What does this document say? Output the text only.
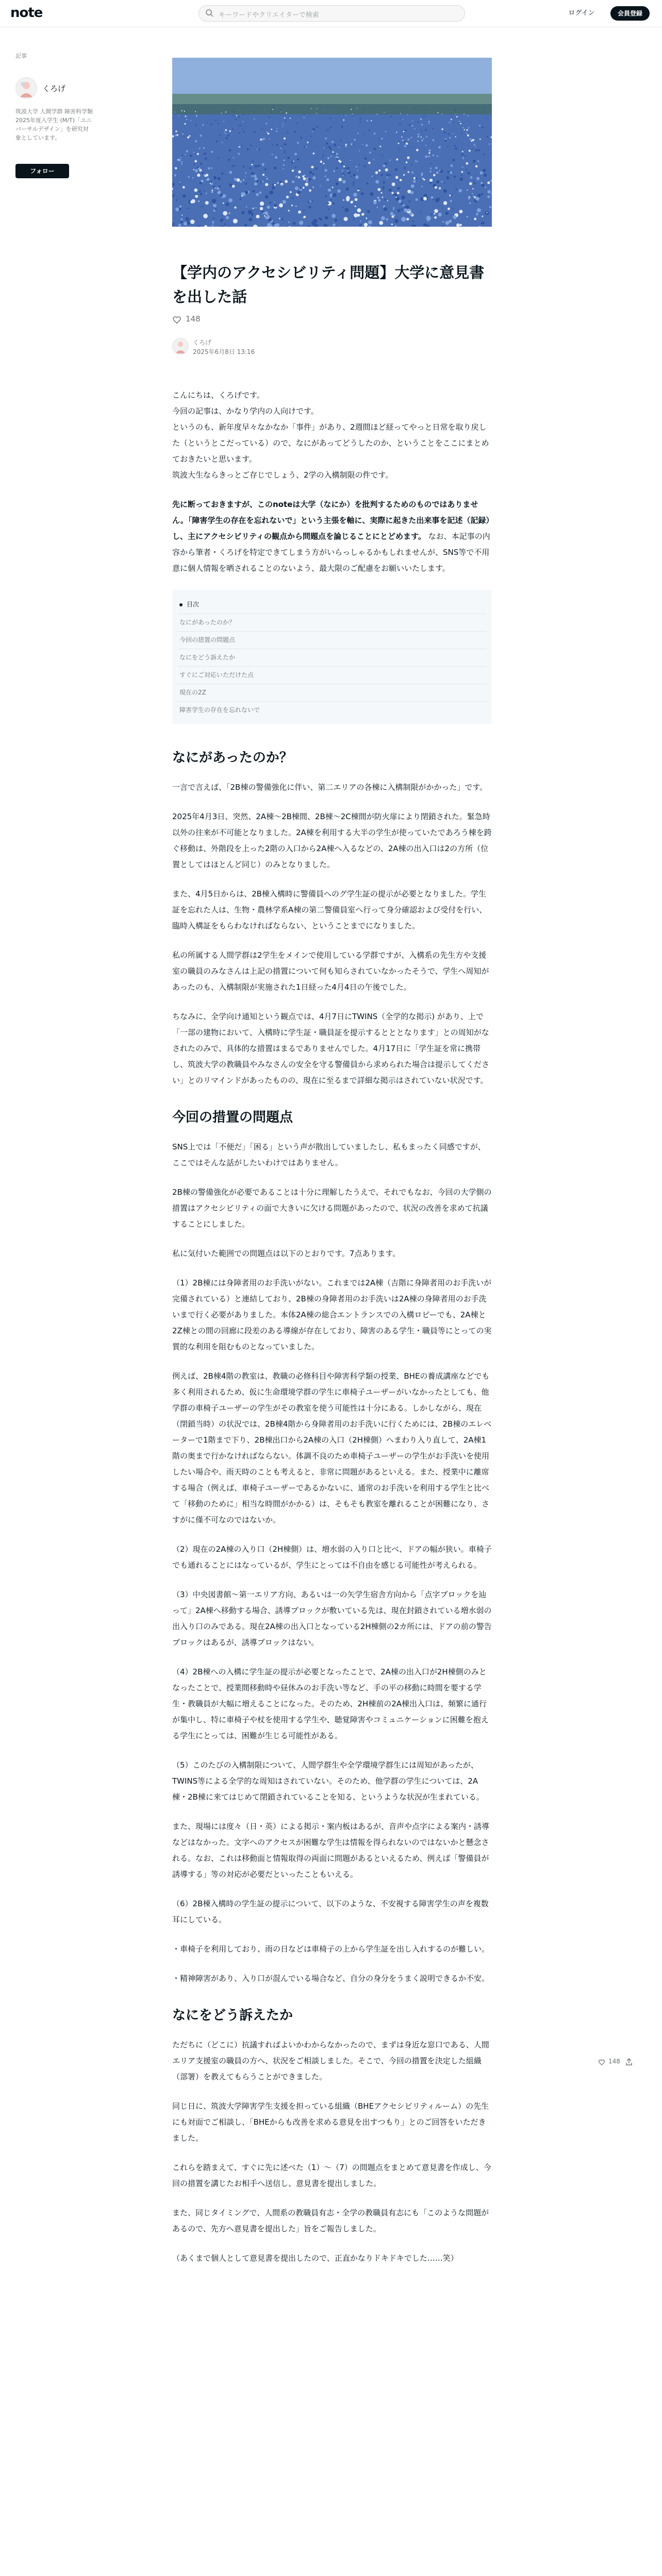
note	キーワードやクリエイターで検索	ログイン	会員登録
記事
くろげ
筑波大学 人間学群 障害科学類 2025年度入学生 (M/T)「ユニバーサルデザイン」を研究対象としています。
フォロー
【学内のアクセシビリティ問題】大学に意見書を出した話
148
くろげ
2025年6月8日 13:16

こんにちは、くろげです。
今回の記事は、かなり学内の人向けです。
というのも、新年度早々なかなか「事件」があり、2週間ほど経ってやっと日常を取り戻した（というとこだっている）ので、なにがあってどうしたのか、ということをここにまとめておきたいと思います。
筑波大生ならきっとご存じでしょう、2学の入構制限の件です。

先に断っておきますが、このnoteは大学（なにか）を批判するためのものではありません。「障害学生の存在を忘れないで」という主張を軸に、実際に起きた出来事を記述（記録）し、主にアクセシビリティの観点から問題点を論じることにとどめます。 なお、本記事の内容から筆者・くろげを特定できてしまう方がいらっしゃるかもしれませんが、SNS等で不用意に個人情報を晒されることのないよう、最大限のご配慮をお願いいたします。

目次
なにがあったのか？
今回の措置の問題点
なにをどう訴えたか
すぐにご対応いただけた点
現在の2Z
障害学生の存在を忘れないで
なにがあったのか？

一言で言えば、「2B棟の警備強化に伴い、第二エリアの各棟に入構制限がかかった」です。

2025年4月3日、突然、2A棟〜2B棟間、2B棟〜2C棟間が防火扉により閉鎖された。緊急時以外の往来が不可能となりました。2A棟を利用する大半の学生が使っていたであろう棟を跨ぐ移動は、外階段を上った2階の入口から2A棟へ入るなどの、2A棟の出入口は2の方所（位置としてはほとんど同じ）のみとなりました。

また、4月5日からは、2B棟入構時に警備員へのグ学生証の提示が必要となりました。学生証を忘れた人は、生物・農林学系A棟の第二警備員室へ行って身分確認および受付を行い、臨時入構証をもらわなければならない、ということまでになりました。

私の所属する人間学群は2学生をメインで使用している学群ですが、入構系の先生方や支援室の職員のみなさんは上記の措置について何も知らされていなかったそうで、学生へ周知があったのも、入構制限が実施された1日経った4月4日の午後でした。

ちなみに、全学向け通知という観点では、4月7日にTWINS（全学的な掲示) があり、上で「一部の建物において、入構時に学生証・職員証を提示するとととなります」との周知がなされたのみで、具体的な措置はまるでありませんでした。4月17日に「学生証を常に携帯し、筑波大学の教職員やみなさんの安全を守る警備員から求められた場合は提示してください」とのリマインドがあったものの、現在に至るまで詳細な掲示はされていない状況です。

今回の措置の問題点

SNS上では「不便だ」「困る」という声が散出していましたし、私もまったく同感ですが、ここではそんな話がしたいわけではありません。

2B棟の警備強化が必要であることは十分に理解したうえで、それでもなお、今回の大学側の措置はアクセシビリティの面で大きいに欠ける問題があったので、状況の改善を求めて抗議することにしました。

私に気付いた範囲での問題点は以下のとおりです。7点あります。

（1）2B棟には身障者用のお手洗いがない。これまでは2A棟（吉階に身障者用のお手洗いが完備されている）と連結しており、2B棟の身障者用のお手洗いは2A棟の身障者用のお手洗いまで行く必要がありました。本体2A棟の総合エントランスでの入構ロビーでも、2A棟と2Z棟との間の回廊に段差のある導線が存在しており、障害のある学生・職員等にとっての実質的な利用を阻むものとなっていました。

例えば、2B棟4階の教室は、教職の必修科目や障害科学類の授業、BHEの養成講座などでも多く利用されるため、仮に生命環境学群の学生に車椅子ユーザーがいなかったとしても、他学群の車椅子ユーザーの学生がその教室を使う可能性は十分にある。しかしながら、現在（閉鎖当時）の状況では、2B棟4階から身障者用のお手洗いに行くためには、2B棟のエレベーターで1階まで下り、2B棟出口から2A棟の入口（2H棟側）へまわり入り直して、2A棟1階の奥まで行かなければならない。体調不良のため車椅子ユーザーの学生がお手洗いを使用したい場合や、雨天時のことも考えると、非常に問題があるといえる。また、授業中に離席する場合（例えば、車椅子ユーザーであるかないに、通常のお手洗いを利用する学生と比べて「移動のために」相当な時間がかかる）は、そもそも教室を離れることが困難になり、さすがに僅不可なのではないか。

（2）現在の2A棟の入り口（2H棟側）は、増水弱の入り口と比べ、ドアの幅が狭い。車椅子でも通れることにはなっているが、学生にとっては不自由を感じる可能性が考えられる。

（3）中央図書館〜第一エリア方向、あるいは一の矢学生宿舎方向から「点字ブロックを辿って」2A棟へ移動する場合、誘導ブロックが敷いている先は、現在封鎖されている増水弱の出入り口のみである。現在2A棟の出入口となっている2H棟側の2カ所には、ドアの前の警告ブロックはあるが、誘導ブロックはない。

（4）2B棟への入構に学生証の提示が必要となったことで、2A棟の出入口が2H棟側のみとなったことで、授業間移動時や昼休みのお手洗い等など、手の平の移動に時間を要する学生・教職員が大幅に増えることになった。そのため、2H棟前の2A棟出入口は、頻繁に通行が集中し、特に車椅子や杖を使用する学生や、聴覚障害やコミュニケーションに困難を抱える学生にとっては、困難が生じる可能性がある。

（5）このたびの入構制限について、人間学群生や全学環境学群生には周知があったが、TWINS等による全学的な周知はされていない。そのため、他学群の学生については、2A棟・2B棟に来てはじめて閉鎖されていることを知る、というような状況が生まれている。

また、現場には度々（日・英）による掲示・案内板はあるが、音声や点字による案内・誘導などはなかった。文字へのアクセスが困難な学生は情報を得られないのではないかと懸念される。なお、これは移動面と情報取得の両面に問題があるといえるため、例えば「警備員が誘導する」等の対応が必要だといったこともいえる。

（6）2B棟入構時の学生証の提示について、以下のような、不安視する障害学生の声を複数耳にしている。

・車椅子を利用しており、雨の日などは車椅子の上から学生証を出し入れするのが難しい。

・精神障害があり、入り口が混んでいる場合など、自分の身分をうまく説明できるか不安。

なにをどう訴えたか

ただちに（どこに）抗議すればよいかわからなかったので、まずは身近な窓口である、人間エリア支援室の職員の方へ、状況をご相談しました。そこで、今回の措置を決定した組織（部署）を教えてもらうことができました。

同じ日に、筑波大学障害学生支援を担っている組織（BHEアクセシビリティルーム）の先生にも対面でご相談し、「BHEからも改善を求める意見を出すつもり」とのご回答をいただきました。

これらを踏まえて、すぐに先に述べた（1）〜（7）の問題点をまとめて意見書を作成し、今回の措置を講じたお相手へ送信し、意見書を提出しました。

また、同じタイミングで、人間系の教職員有志・全学の教職員有志にも「このような問題があるので、先方へ意見書を提出した」旨をご報告しました。

（あくまで個人として意見書を提出したので、正直かなりドキドキでした……笑）

148
